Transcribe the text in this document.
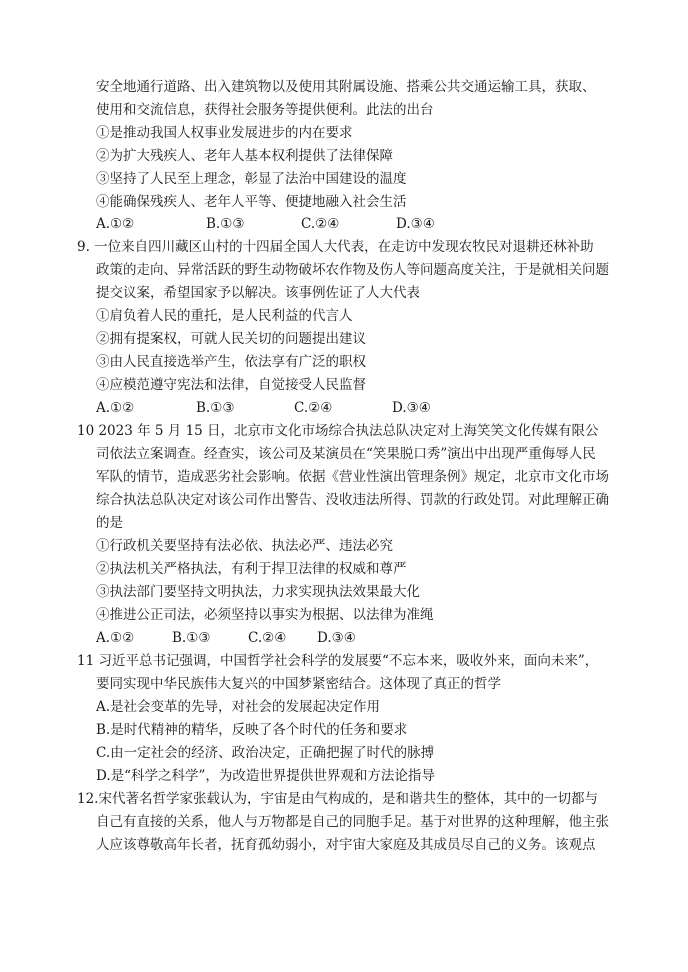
安全地通行道路、出入建筑物以及使用其附属设施、搭乘公共交通运输工具，获取、
使用和交流信息，获得社会服务等提供便利。此法的出台
①是推动我国人权事业发展进步的内在要求
②为扩大残疾人、老年人基本权利提供了法律保障
③坚持了人民至上理念，彰显了法治中国建设的温度
④能确保残疾人、老年人平等、便捷地融入社会生活
A.①②	B.①③	C.②④	D.③④
9. 一位来自四川藏区山村的十四届全国人大代表，在走访中发现农牧民对退耕还林补助
政策的走向、异常活跃的野生动物破坏农作物及伤人等问题高度关注，于是就相关问题
提交议案，希望国家予以解决。该事例佐证了人大代表
①肩负着人民的重托，是人民利益的代言人
②拥有提案权，可就人民关切的问题提出建议
③由人民直接选举产生，依法享有广泛的职权
④应模范遵守宪法和法律，自觉接受人民监督
A.①②	B.①③	C.②④	D.③④
10 2023 年 5 月 15 日，北京市文化市场综合执法总队决定对上海笑笑文化传媒有限公
司依法立案调查。经查实，该公司及某演员在“笑果脱口秀”演出中出现严重侮辱人民
军队的情节，造成恶劣社会影响。依据《营业性演出管理条例》规定，北京市文化市场
综合执法总队决定对该公司作出警告、没收违法所得、罚款的行政处罚。对此理解正确
的是
①行政机关要坚持有法必依、执法必严、违法必究
②执法机关严格执法，有利于捍卫法律的权威和尊严
③执法部门要坚持文明执法，力求实现执法效果最大化
④推进公正司法，必须坚持以事实为根据、以法律为准绳
A.①②	B.①③	C.②④ D.③④
11 习近平总书记强调，中国哲学社会科学的发展要“不忘本来，吸收外来，面向未来”，
要同实现中华民族伟大复兴的中国梦紧密结合。这体现了真正的哲学
A.是社会变革的先导，对社会的发展起决定作用
B.是时代精神的精华，反映了各个时代的任务和要求
C.由一定社会的经济、政治决定，正确把握了时代的脉搏
D.是“科学之科学”，为改造世界提供世界观和方法论指导
12.宋代著名哲学家张载认为，宇宙是由气构成的，是和谐共生的整体，其中的一切都与
自己有直接的关系，他人与万物都是自己的同胞手足。基于对世界的这种理解，他主张
人应该尊敬高年长者，抚育孤幼弱小，对宇宙大家庭及其成员尽自己的义务。该观点
